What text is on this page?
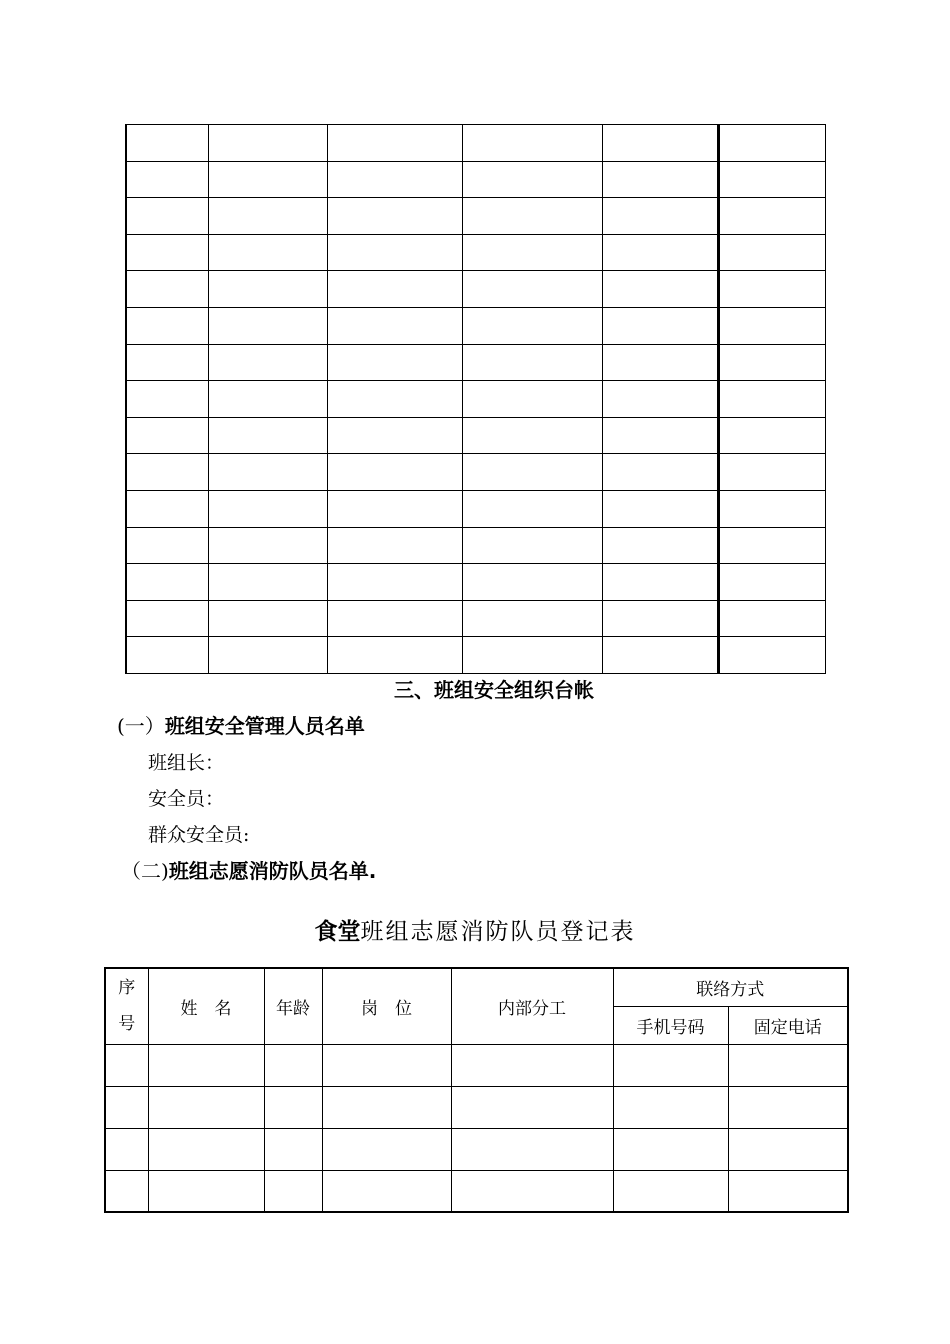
三、班组安全组织台帐
(一）班组安全管理人员名单
班组长：
安全员：
群众安全员:
（二)班组志愿消防队员名单.
食堂班组志愿消防队员登记表
序
号	姓　名	年龄	岗　位	内部分工	联络方式	
					手机号码	固定电话
